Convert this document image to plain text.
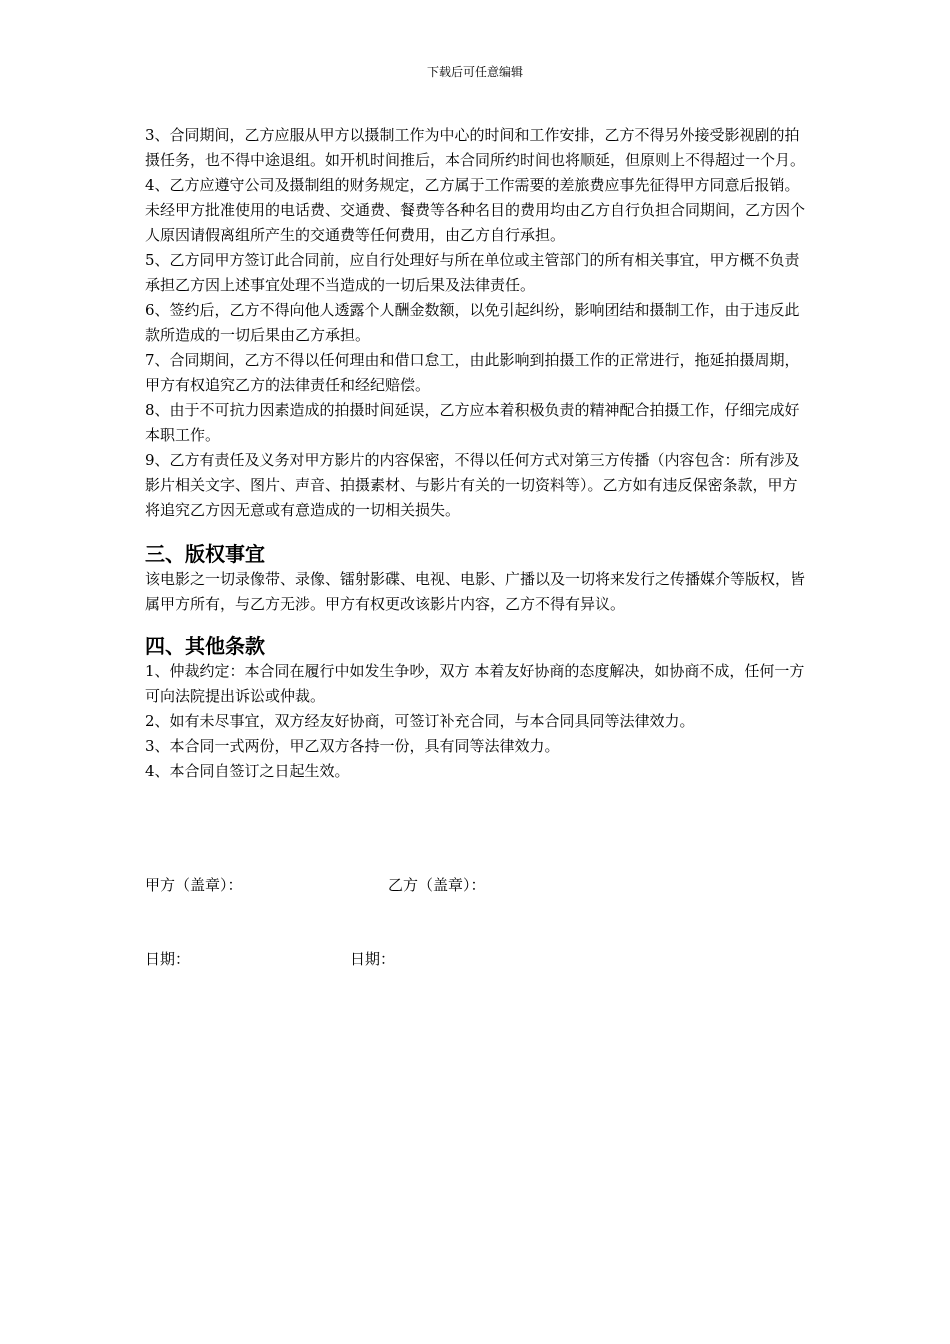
下载后可任意编辑

3、合同期间，乙方应服从甲方以摄制工作为中心的时间和工作安排，乙方不得另外接受影视剧的拍摄任务，也不得中途退组。如开机时间推后，本合同所约时间也将顺延，但原则上不得超过一个月。

4、乙方应遵守公司及摄制组的财务规定，乙方属于工作需要的差旅费应事先征得甲方同意后报销。未经甲方批准使用的电话费、交通费、餐费等各种名目的费用均由乙方自行负担合同期间，乙方因个人原因请假离组所产生的交通费等任何费用，由乙方自行承担。

5、乙方同甲方签订此合同前，应自行处理好与所在单位或主管部门的所有相关事宜，甲方概不负责承担乙方因上述事宜处理不当造成的一切后果及法律责任。

6、签约后，乙方不得向他人透露个人酬金数额，以免引起纠纷，影响团结和摄制工作，由于违反此款所造成的一切后果由乙方承担。

7、合同期间，乙方不得以任何理由和借口怠工，由此影响到拍摄工作的正常进行，拖延拍摄周期，甲方有权追究乙方的法律责任和经纪赔偿。

8、由于不可抗力因素造成的拍摄时间延误，乙方应本着积极负责的精神配合拍摄工作，仔细完成好本职工作。

9、乙方有责任及义务对甲方影片的内容保密，不得以任何方式对第三方传播（内容包含：所有涉及影片相关文字、图片、声音、拍摄素材、与影片有关的一切资料等）。乙方如有违反保密条款，甲方将追究乙方因无意或有意造成的一切相关损失。

三、版权事宜

该电影之一切录像带、录像、镭射影碟、电视、电影、广播以及一切将来发行之传播媒介等版权，皆属甲方所有，与乙方无涉。甲方有权更改该影片内容，乙方不得有异议。

四、其他条款

1、仲裁约定：本合同在履行中如发生争吵，双方 本着友好协商的态度解决，如协商不成，任何一方可向法院提出诉讼或仲裁。

2、如有未尽事宜，双方经友好协商，可签订补充合同，与本合同具同等法律效力。

3、本合同一式两份，甲乙双方各持一份，具有同等法律效力。

4、本合同自签订之日起生效。

甲方（盖章）：	乙方（盖章）：
日期：	日期：
